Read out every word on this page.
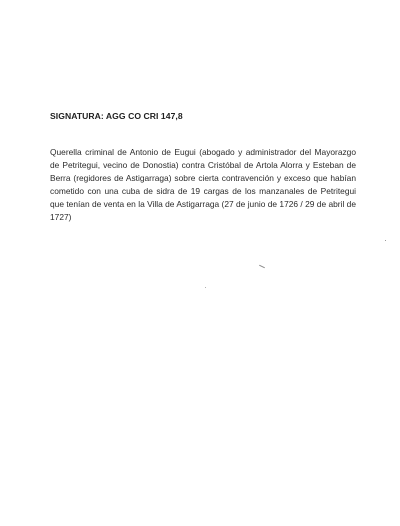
SIGNATURA: AGG CO CRI 147,8
Querella criminal de Antonio de Eugui (abogado y administrador del Mayorazgo de Petritegui, vecino de Donostia) contra Cristóbal de Artola Alorra y Esteban de Berra (regidores de Astigarraga) sobre cierta contravención y exceso que habían cometido con una cuba de sidra de 19 cargas de los manzanales de Petritegui que tenían de venta en la Villa de Astigarraga (27 de junio de 1726 / 29 de abril de 1727)
